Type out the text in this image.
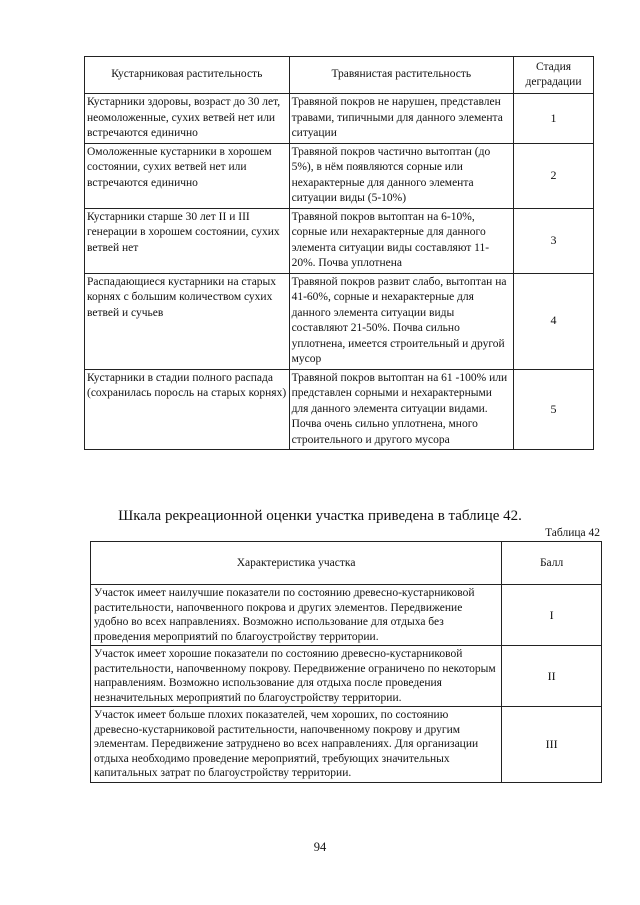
Кустарниковая растительность	Травянистая растительность	Стадия деградации
Кустарники здоровы, возраст до 30 лет, неомоложенные, сухих ветвей нет или встречаются единично	Травяной покров не нарушен, представлен травами, типичными для данного элемента ситуации	1
Омоложенные кустарники в хорошем состоянии, сухих ветвей нет или встречаются единично	Травяной покров частично вытоптан (до 5%), в нём появляются сорные или нехарактерные для данного элемента ситуации виды (5-10%)	2
Кустарники старше 30 лет II и III генерации в хорошем состоянии, сухих ветвей нет	Травяной покров вытоптан на 6-10%, сорные или нехарактерные для данного элемента ситуации виды составляют 11-20%. Почва уплотнена	3
Распадающиеся кустарники на старых корнях с большим количеством сухих ветвей и сучьев	Травяной покров развит слабо, вытоптан на 41-60%, сорные и нехарактерные для данного элемента ситуации виды составляют 21-50%. Почва сильно уплотнена, имеется строительный и другой мусор	4
Кустарники в стадии полного распада (сохранилась поросль на старых корнях)	Травяной покров вытоптан на 61 -100% или представлен сорными и нехарактерными для данного элемента ситуации видами. Почва очень сильно уплотнена, много строительного и другого мусора	5
Шкала рекреационной оценки участка приведена в таблице 42.
Таблица 42
Характеристика участка	Балл
Участок имеет наилучшие показатели по состоянию древесно-кустарниковой растительности, напочвенного покрова и других элементов. Передвижение удобно во всех направлениях. Возможно использование для отдыха без проведения мероприятий по благоустройству территории.	I
Участок имеет хорошие показатели по состоянию древесно-кустарниковой растительности, напочвенному покрову. Передвижение ограничено по некоторым направлениям. Возможно использование для отдыха после проведения незначительных мероприятий по благоустройству территории.	II
Участок имеет больше плохих показателей, чем хороших, по состоянию древесно-кустарниковой растительности, напочвенному покрову и другим элементам. Передвижение затруднено во всех направлениях. Для организации отдыха необходимо проведение мероприятий, требующих значительных капитальных затрат по благоустройству территории.	III
94
